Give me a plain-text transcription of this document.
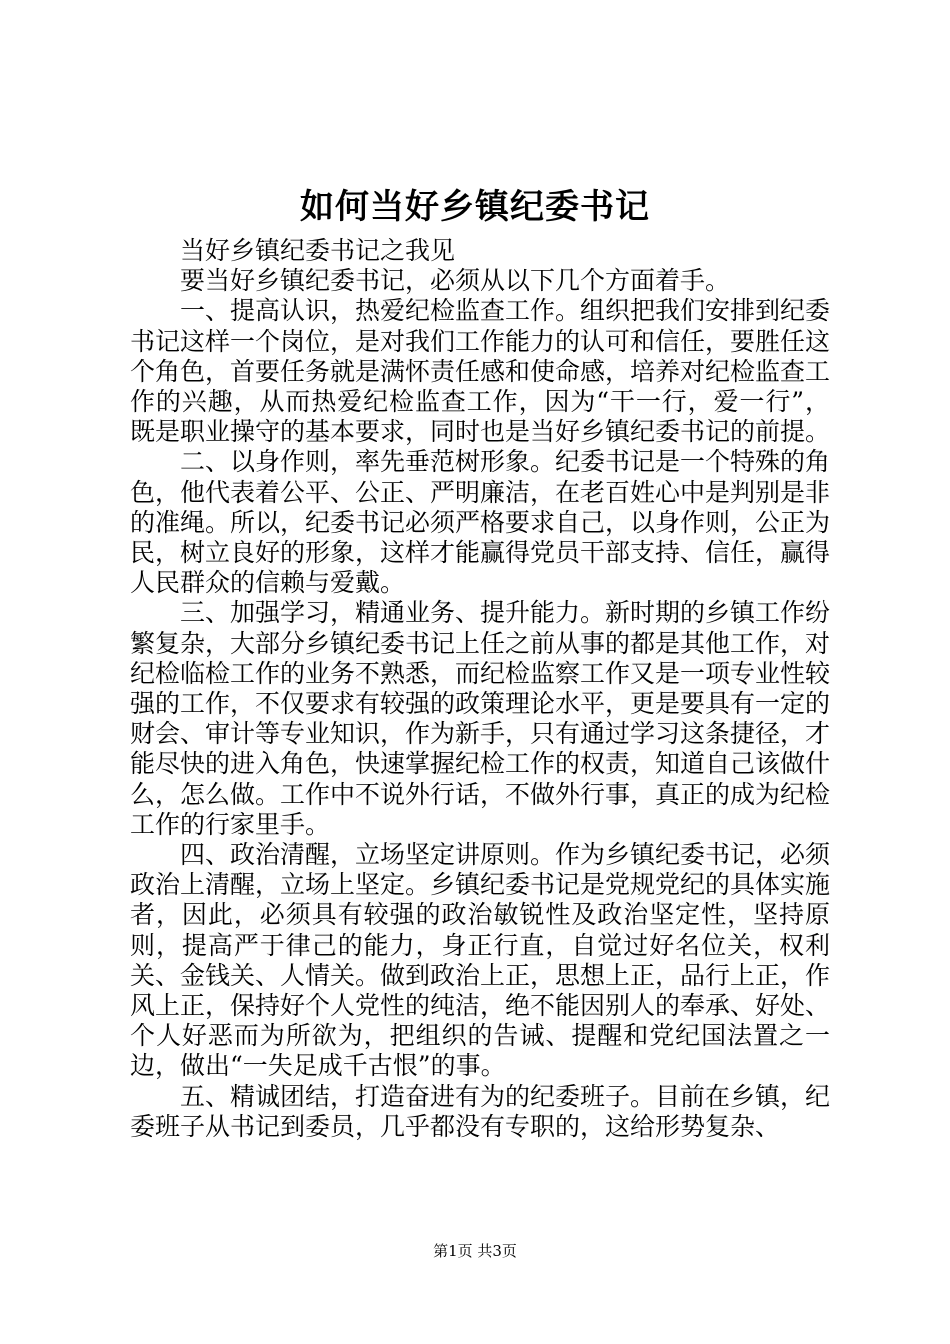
如何当好乡镇纪委书记

当好乡镇纪委书记之我见

要当好乡镇纪委书记，必须从以下几个方面着手。

一、提高认识，热爱纪检监查工作。组织把我们安排到纪委书记这样一个岗位，是对我们工作能力的认可和信任，要胜任这个角色，首要任务就是满怀责任感和使命感，培养对纪检监查工作的兴趣，从而热爱纪检监查工作，因为“干一行，爱一行”，既是职业操守的基本要求，同时也是当好乡镇纪委书记的前提。

二、以身作则，率先垂范树形象。纪委书记是一个特殊的角色，他代表着公平、公正、严明廉洁，在老百姓心中是判别是非的准绳。所以，纪委书记必须严格要求自己，以身作则，公正为民，树立良好的形象，这样才能赢得党员干部支持、信任，赢得人民群众的信赖与爱戴。

三、加强学习，精通业务、提升能力。新时期的乡镇工作纷繁复杂，大部分乡镇纪委书记上任之前从事的都是其他工作，对纪检临检工作的业务不熟悉，而纪检监察工作又是一项专业性较强的工作，不仅要求有较强的政策理论水平，更是要具有一定的财会、审计等专业知识，作为新手，只有通过学习这条捷径，才能尽快的进入角色，快速掌握纪检工作的权责，知道自己该做什么，怎么做。工作中不说外行话，不做外行事，真正的成为纪检工作的行家里手。

四、政治清醒，立场坚定讲原则。作为乡镇纪委书记，必须政治上清醒，立场上坚定。乡镇纪委书记是党规党纪的具体实施者，因此，必须具有较强的政治敏锐性及政治坚定性，坚持原则，提高严于律己的能力，身正行直，自觉过好名位关，权利关、金钱关、人情关。做到政治上正，思想上正，品行上正，作风上正，保持好个人党性的纯洁，绝不能因别人的奉承、好处、个人好恶而为所欲为，把组织的告诫、提醒和党纪国法置之一边，做出“一失足成千古恨”的事。

五、精诚团结，打造奋进有为的纪委班子。目前在乡镇，纪委班子从书记到委员，几乎都没有专职的，这给形势复杂、

第1页 共3页
